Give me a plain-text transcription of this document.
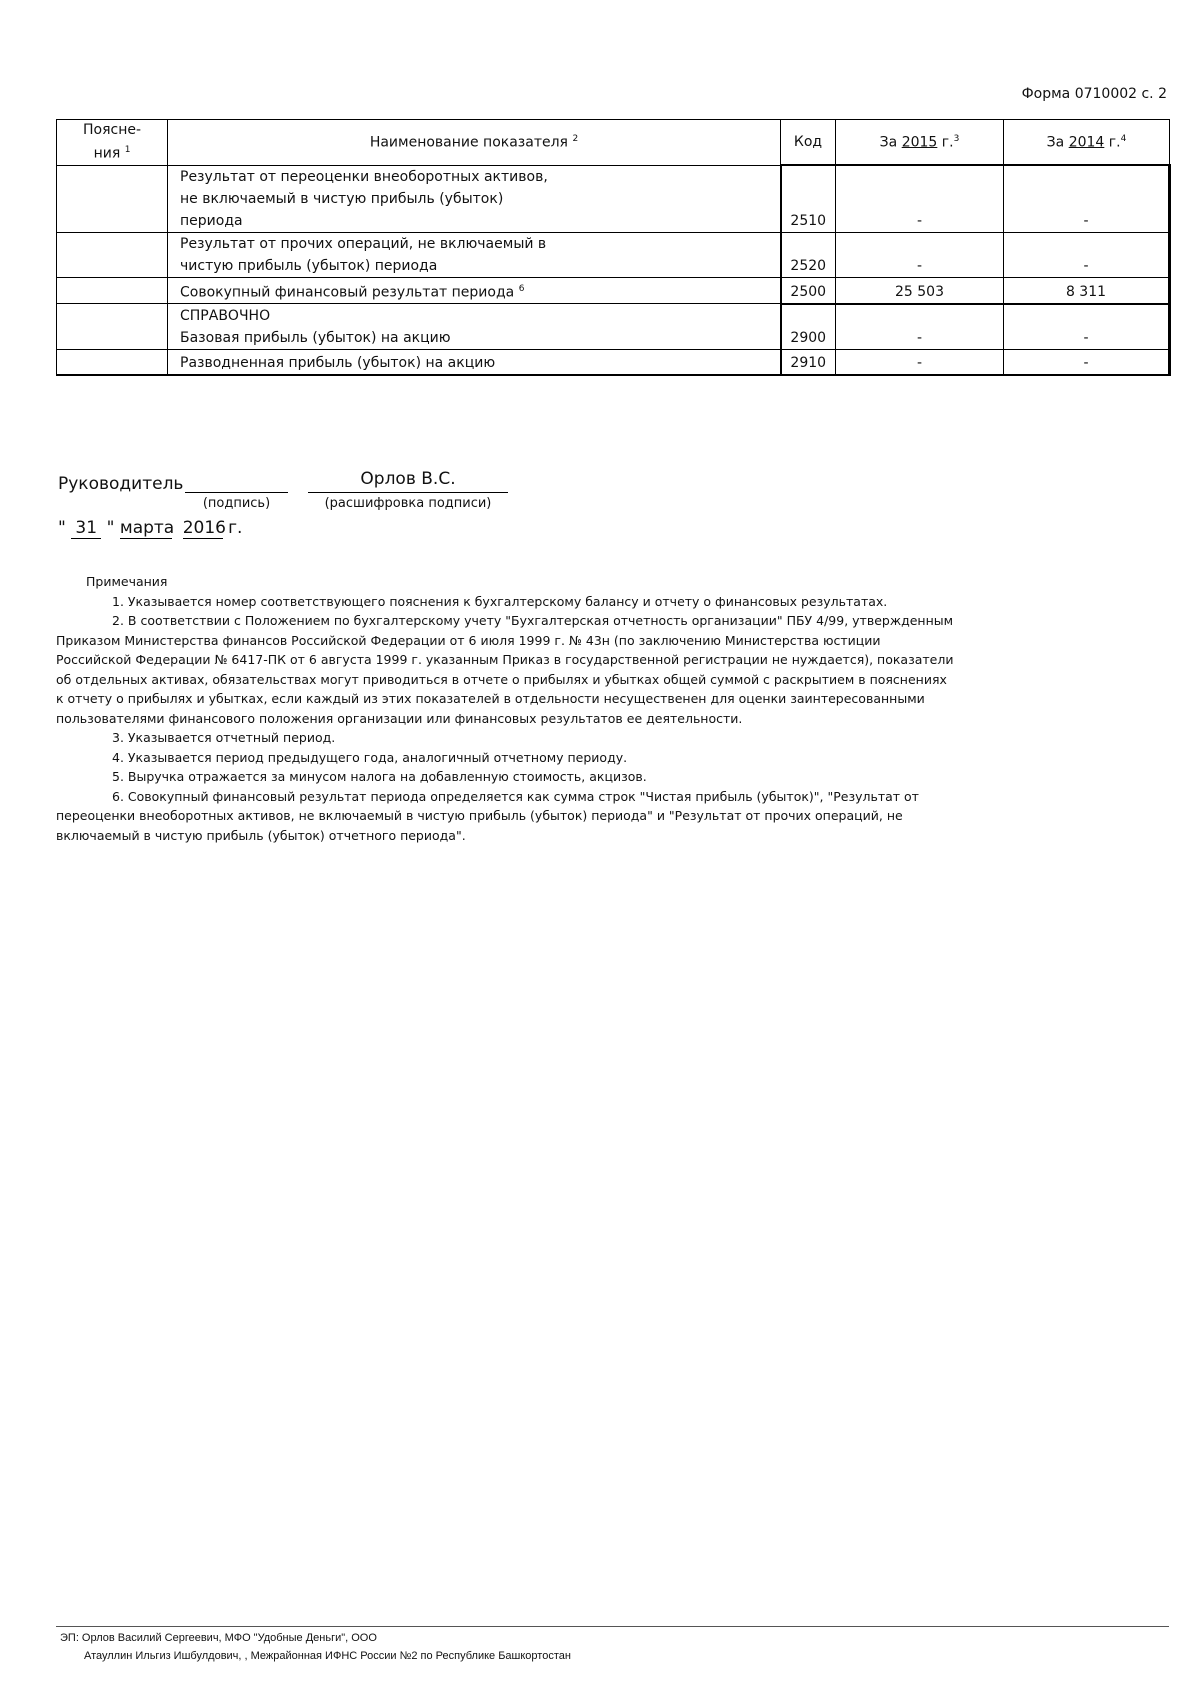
Форма 0710002 с. 2
Поясне-
ния $^1$	Наименование показателя $^2$	Код	За 2015 г.$^3$	За 2014 г.$^4$

	Результат от переоценки внеоборотных активов,
не включаемый в чистую прибыль (убыток)
периода	2510	-	-

	Результат от прочих операций, не включаемый в
чистую прибыль (убыток) периода	2520	-	-
	Совокупный финансовый результат периода $^6$	2500	25 503	8 311

	СПРАВОЧНО
Базовая прибыль (убыток) на акцию	2900	-	-
	Разводненная прибыль (убыток) на акцию	2910	-	-
Руководитель	Орлов В.С.
(подпись)	(расшифровка подписи)
" 31 " марта 2016 г.
Примечания

1. Указывается номер соответствующего пояснения к бухгалтерскому балансу и отчету о финансовых результатах.

2. В соответствии с Положением по бухгалтерскому учету "Бухгалтерская отчетность организации" ПБУ 4/99, утвержденным Приказом Министерства финансов Российской Федерации от 6 июля 1999 г. № 43н (по заключению Министерства юстиции Российской Федерации № 6417-ПК от 6 августа 1999 г. указанным Приказ в государственной регистрации не нуждается), показатели об отдельных активах, обязательствах могут приводиться в отчете о прибылях и убытках общей суммой с раскрытием в пояснениях к отчету о прибылях и убытках, если каждый из этих показателей в отдельности несущественен для оценки заинтересованными пользователями финансового положения организации или финансовых результатов ее деятельности.

3. Указывается отчетный период.

4. Указывается период предыдущего года, аналогичный отчетному периоду.

5. Выручка отражается за минусом налога на добавленную стоимость, акцизов.

6. Совокупный финансовый результат периода определяется как сумма строк "Чистая прибыль (убыток)", "Результат от переоценки внеоборотных активов, не включаемый в чистую прибыль (убыток) периода" и "Результат от прочих операций, не включаемый в чистую прибыль (убыток) отчетного периода".

ЭП: Орлов Василий Сергеевич, МФО "Удобные Деньги", ООО
Атауллин Ильгиз Ишбулдович, , Межрайонная ИФНС России №2 по Республике Башкортостан
